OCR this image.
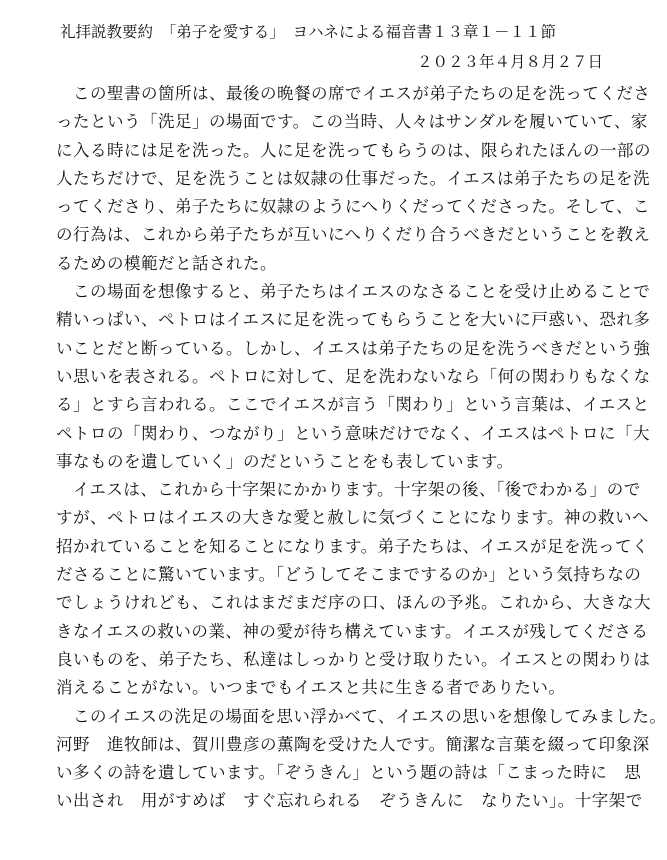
礼拝説教要約　「弟子を愛する」　ヨハネによる福音書１３章１－１１節
２０２３年４月８月２７日
　この聖書の箇所は、最後の晩餐の席でイエスが弟子たちの足を洗ってくださ
ったという「洗足」の場面です。この当時、人々はサンダルを履いていて、家
に入る時には足を洗った。人に足を洗ってもらうのは、限られたほんの一部の
人たちだけで、足を洗うことは奴隷の仕事だった。イエスは弟子たちの足を洗
ってくださり、弟子たちに奴隷のようにへりくだってくださった。そして、こ
の行為は、これから弟子たちが互いにへりくだり合うべきだということを教え
るための模範だと話された。
　この場面を想像すると、弟子たちはイエスのなさることを受け止めることで
精いっぱい、ペトロはイエスに足を洗ってもらうことを大いに戸惑い、恐れ多
いことだと断っている。しかし、イエスは弟子たちの足を洗うべきだという強
い思いを表される。ペトロに対して、足を洗わないなら「何の関わりもなくな
る」とすら言われる。ここでイエスが言う「関わり」という言葉は、イエスと
ペトロの「関わり、つながり」という意味だけでなく、イエスはペトロに「大
事なものを遺していく」のだということをも表しています。
　イエスは、これから十字架にかかります。十字架の後、「後でわかる」ので
すが、ペトロはイエスの大きな愛と赦しに気づくことになります。神の救いへ
招かれていることを知ることになります。弟子たちは、イエスが足を洗ってく
ださることに驚いています。「どうしてそこまでするのか」という気持ちなの
でしょうけれども、これはまだまだ序の口、ほんの予兆。これから、大きな大
きなイエスの救いの業、神の愛が待ち構えています。イエスが残してくださる
良いものを、弟子たち、私達はしっかりと受け取りたい。イエスとの関わりは
消えることがない。いつまでもイエスと共に生きる者でありたい。
　このイエスの洗足の場面を思い浮かべて、イエスの思いを想像してみました。
河野　進牧師は、賀川豊彦の薫陶を受けた人です。簡潔な言葉を綴って印象深
い多くの詩を遺しています。「ぞうきん」という題の詩は「こまった時に　思
い出され　用がすめば　すぐ忘れられる　ぞうきんに　なりたい」。十字架で
